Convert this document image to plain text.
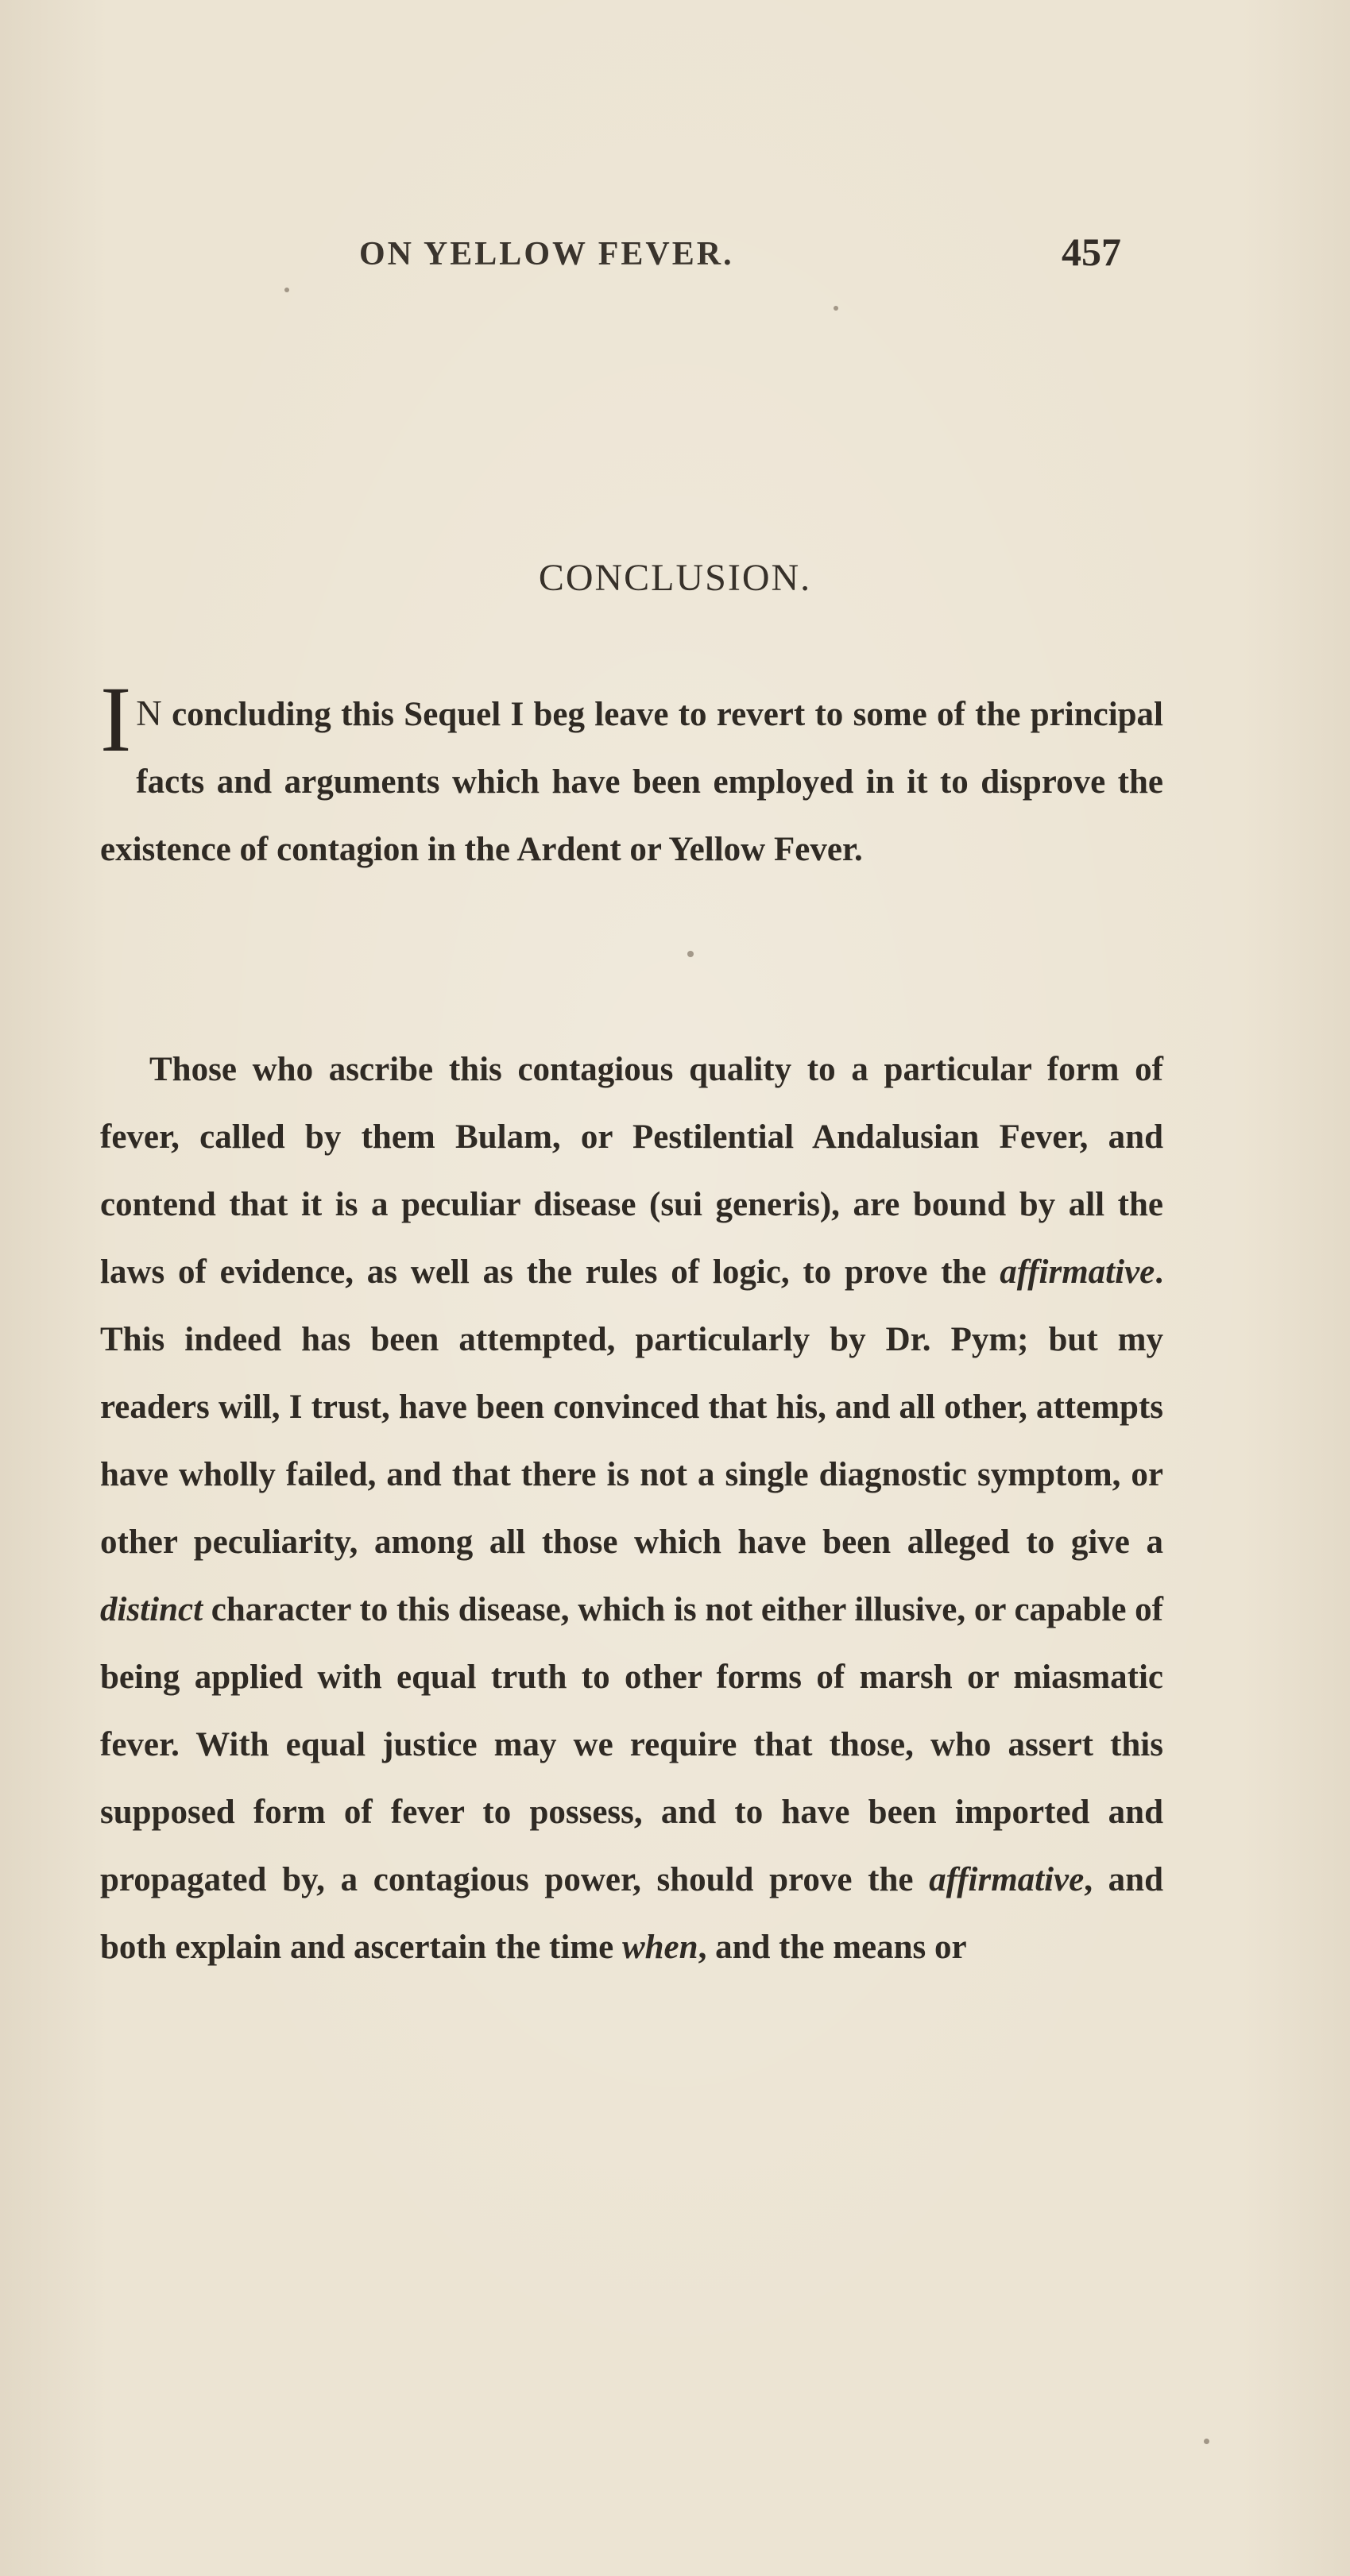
ON YELLOW FEVER.	457
CONCLUSION.
I N concluding this Sequel I beg leave to revert to some of the principal facts and arguments which have been employed in it to disprove the existence of contagion in the Ardent or Yellow Fever.
Those who ascribe this contagious quality to a particular form of fever, called by them Bulam, or Pestilential Andalusian Fever, and contend that it is a peculiar disease (sui generis), are bound by all the laws of evidence, as well as the rules of logic, to prove the affirmative. This indeed has been attempted, particularly by Dr. Pym; but my readers will, I trust, have been convinced that his, and all other, attempts have wholly failed, and that there is not a single diagnostic symptom, or other peculiarity, among all those which have been alleged to give a distinct character to this disease, which is not either illusive, or capable of being applied with equal truth to other forms of marsh or miasmatic fever. With equal justice may we require that those, who assert this supposed form of fever to possess, and to have been imported and propagated by, a contagious power, should prove the affirmative, and both explain and ascertain the time when, and the means or
